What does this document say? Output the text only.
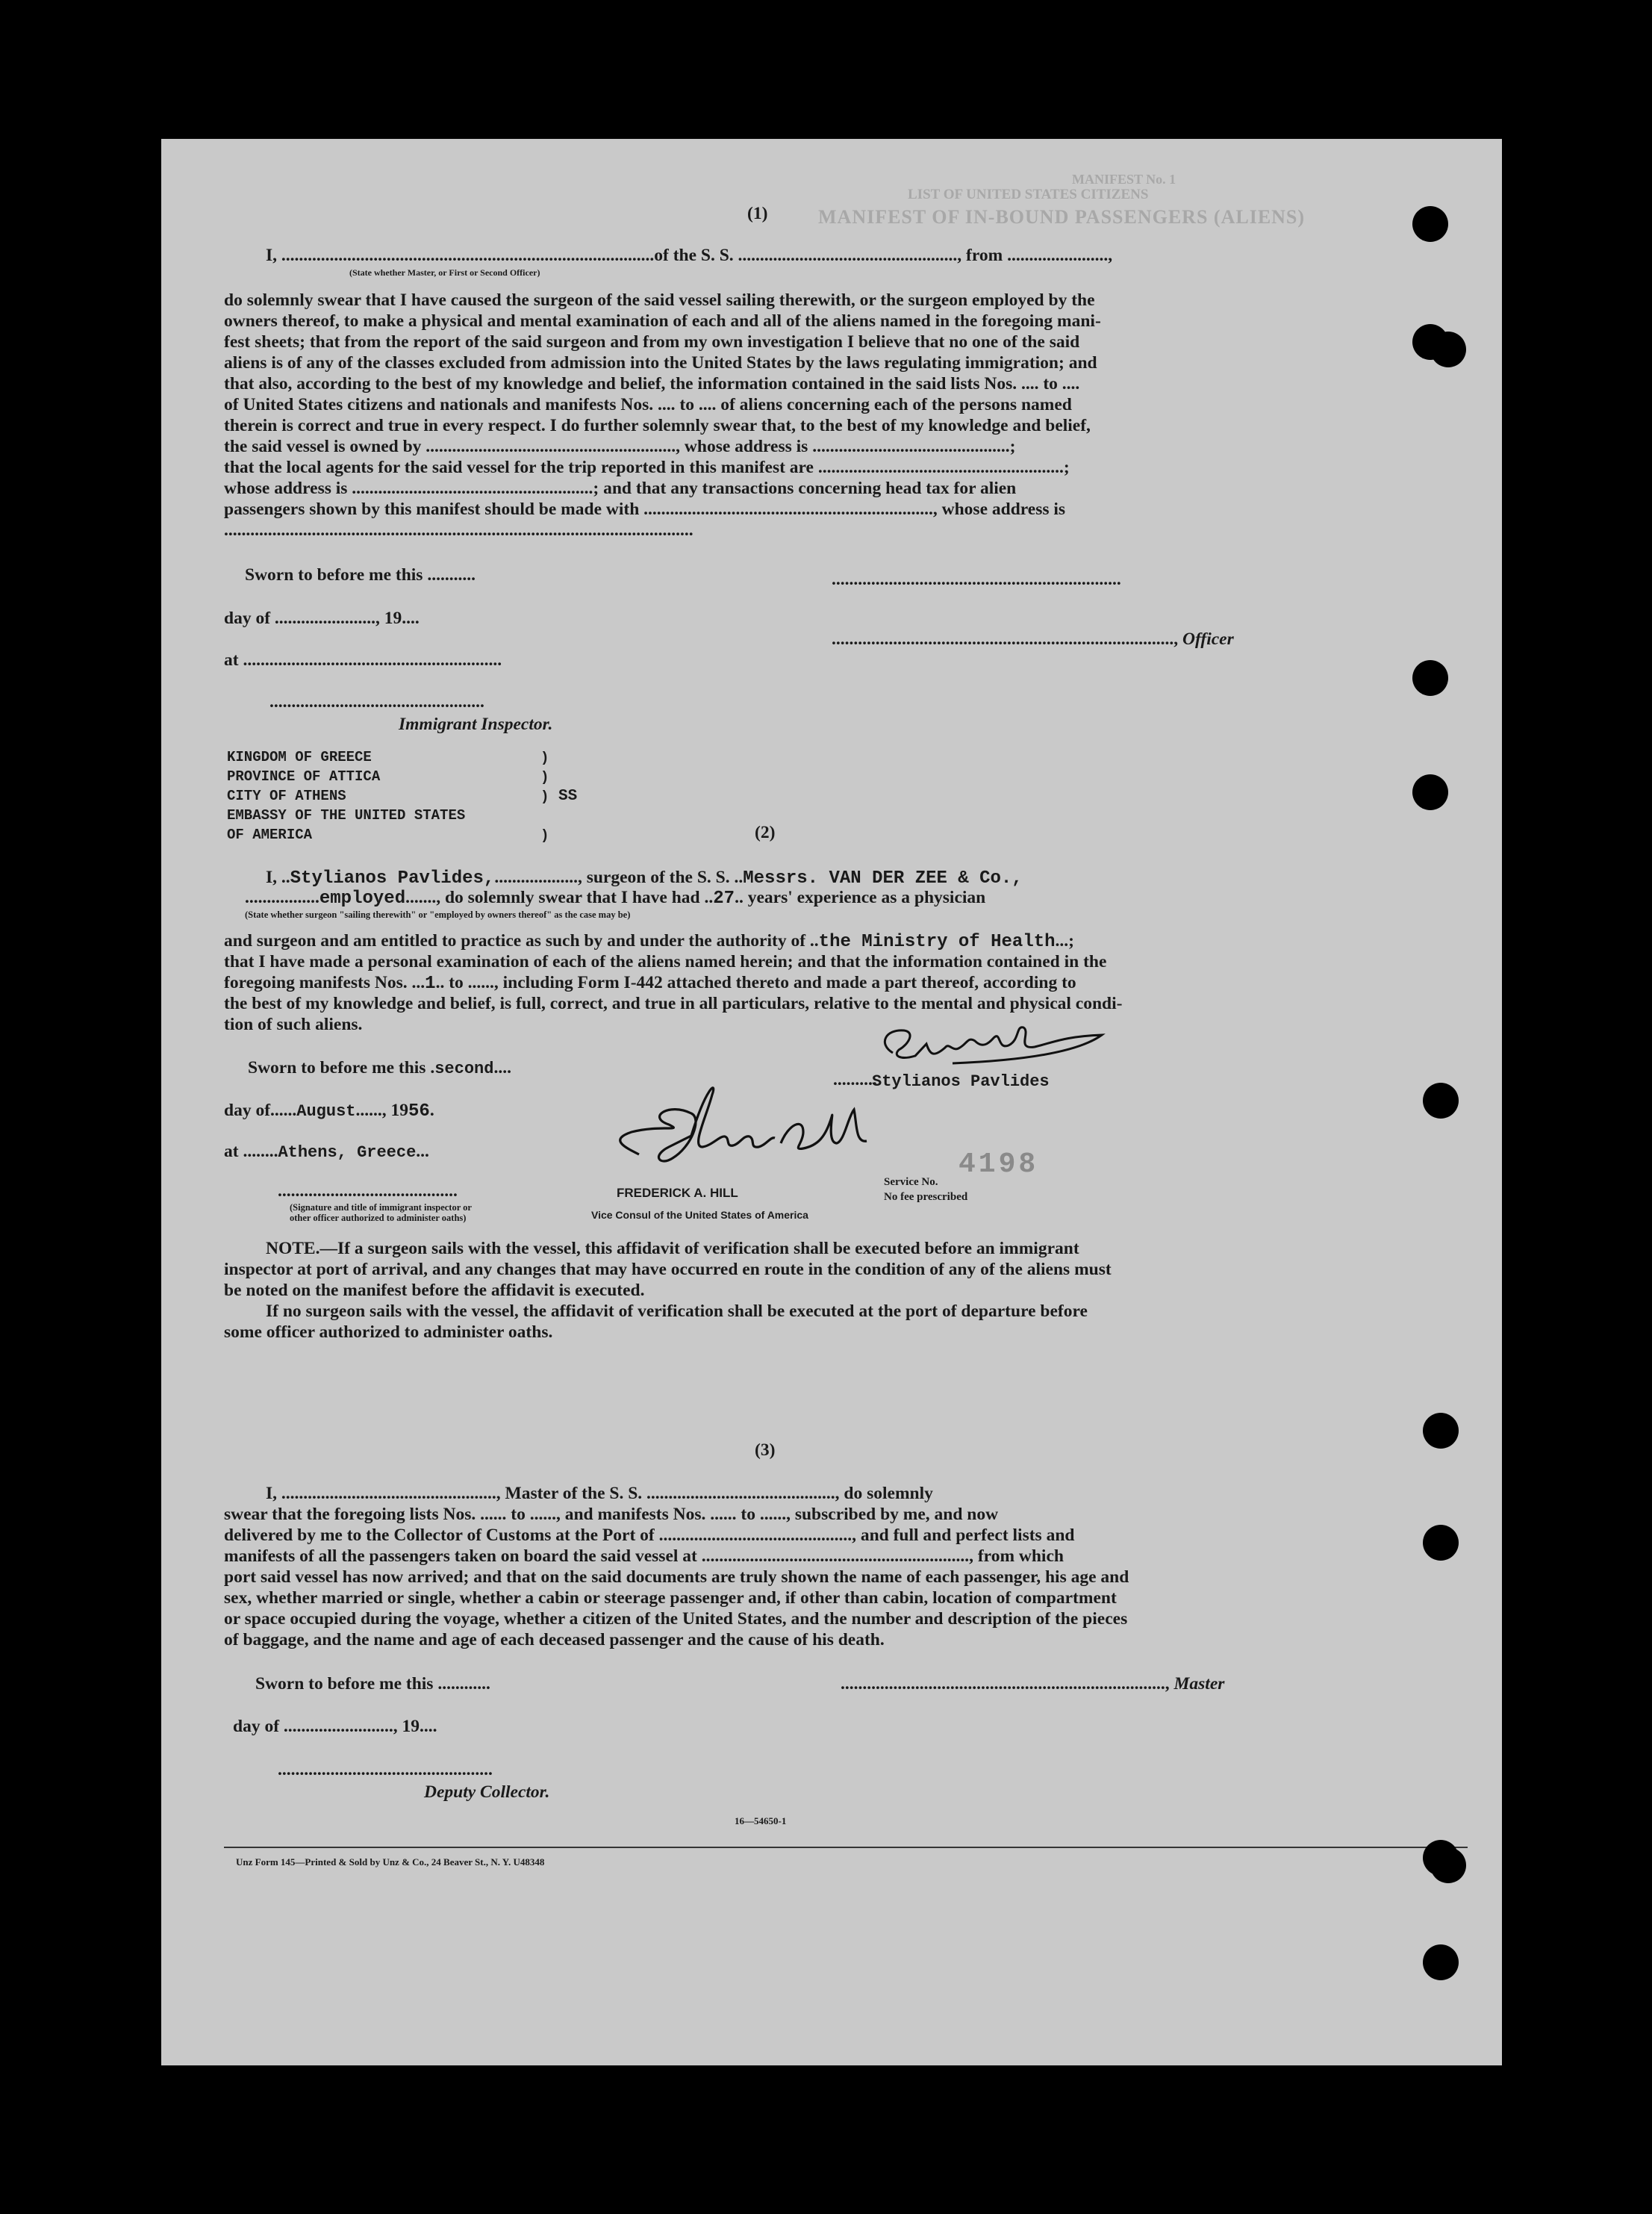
MANIFEST No. 1
LIST OF UNITED STATES CITIZENS
MANIFEST OF IN-BOUND PASSENGERS (ALIENS)
(1)
I, .....................................................................................of the S. S. .................................................., from .......................,
(State whether Master, or First or Second Officer)
do solemnly swear that I have caused the surgeon of the said vessel sailing therewith, or the surgeon employed by the
owners thereof, to make a physical and mental examination of each and all of the aliens named in the foregoing mani-
fest sheets; that from the report of the said surgeon and from my own investigation I believe that no one of the said
aliens is of any of the classes excluded from admission into the United States by the laws regulating immigration; and
that also, according to the best of my knowledge and belief, the information contained in the said lists Nos. .... to ....
of United States citizens and nationals and manifests Nos. .... to .... of aliens concerning each of the persons named
therein is correct and true in every respect. I do further solemnly swear that, to the best of my knowledge and belief,
the said vessel is owned by ........................................................., whose address is .............................................;
that the local agents for the said vessel for the trip reported in this manifest are ........................................................;
whose address is .......................................................; and that any transactions concerning head tax for alien
passengers shown by this manifest should be made with .................................................................., whose address is
...........................................................................................................
Sworn to before me this ...........
day of ......................., 19....
at ...........................................................
.............................................................................., Officer
..................................................................
.................................................
Immigrant Inspector.
KINGDOM OF GREECE
PROVINCE OF ATTICA
CITY OF ATHENS
EMBASSY OF THE UNITED STATES
OF AMERICA
)
)
) SS
)	(2)
I, ..Stylianos Pavlides,..................., surgeon of the S. S. ..Messrs. VAN DER ZEE & Co.,
.................employed......., do solemnly swear that I have had ..27.. years' experience as a physician
(State whether surgeon "sailing therewith" or "employed by owners thereof" as the case may be)
and surgeon and am entitled to practice as such by and under the authority of ..the Ministry of Health...;
that I have made a personal examination of each of the aliens named herein; and that the information contained in the
foregoing manifests Nos. ...1.. to ......, including Form I-442 attached thereto and made a part thereof, according to
the best of my knowledge and belief, is full, correct, and true in all particulars, relative to the mental and physical condi-
tion of such aliens.
Sworn to before me this .second....
day of......August......, 1956.
at ........Athens, Greece...
..........
Stylianos Pavlides
FREDERICK A. HILL
Vice Consul of the United States of America
Service No.
4198
No fee prescribed
.........................................
(Signature and title of immigrant inspector or
other officer authorized to administer oaths)
NOTE.—If a surgeon sails with the vessel, this affidavit of verification shall be executed before an immigrant
inspector at port of arrival, and any changes that may have occurred en route in the condition of any of the aliens must
be noted on the manifest before the affidavit is executed.
If no surgeon sails with the vessel, the affidavit of verification shall be executed at the port of departure before
some officer authorized to administer oaths.
(3)
I, ................................................., Master of the S. S. ..........................................., do solemnly
swear that the foregoing lists Nos. ...... to ......, and manifests Nos. ...... to ......, subscribed by me, and now
delivered by me to the Collector of Customs at the Port of ............................................, and full and perfect lists and
manifests of all the passengers taken on board the said vessel at ............................................................., from which
port said vessel has now arrived; and that on the said documents are truly shown the name of each passenger, his age and
sex, whether married or single, whether a cabin or steerage passenger and, if other than cabin, location of compartment
or space occupied during the voyage, whether a citizen of the United States, and the number and description of the pieces
of baggage, and the name and age of each deceased passenger and the cause of his death.
Sworn to before me this ............	.........................................................................., Master
day of ........................., 19....
.................................................
Deputy Collector.
16—54650-1
Unz Form 145—Printed & Sold by Unz & Co., 24 Beaver St., N. Y. U48348
